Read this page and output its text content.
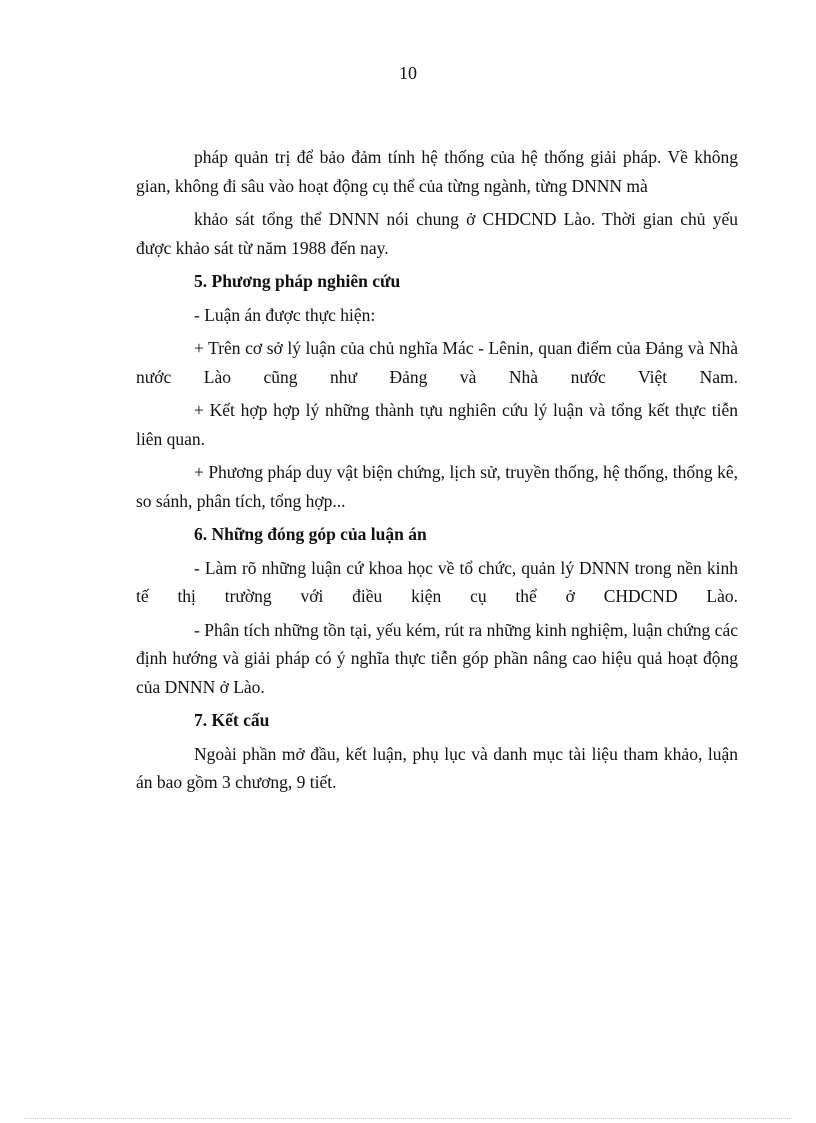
10

pháp quản trị để bảo đảm tính hệ thống của hệ thống giải pháp. Về không gian, không đi sâu vào hoạt động cụ thể của từng ngành, từng DNNN mà

khảo sát tổng thể DNNN nói chung ở CHDCND Lào. Thời gian chủ yếu được khảo sát từ năm 1988 đến nay.

5. Phương pháp nghiên cứu

- Luận án được thực hiện:

+ Trên cơ sở lý luận của chủ nghĩa Mác - Lênin, quan điểm của Đảng và Nhà nước Lào cũng như Đảng và Nhà nước Việt Nam.

+ Kết hợp hợp lý những thành tựu nghiên cứu lý luận và tổng kết thực tiễn liên quan.

+ Phương pháp duy vật biện chứng, lịch sử, truyền thống, hệ thống, thống kê, so sánh, phân tích, tổng hợp...

6. Những đóng góp của luận án

- Làm rõ những luận cứ khoa học về tổ chức, quản lý DNNN trong nền kinh tế thị trường với điều kiện cụ thể ở CHDCND Lào.

- Phân tích những tồn tại, yếu kém, rút ra những kinh nghiệm, luận chứng các định hướng và giải pháp có ý nghĩa thực tiễn góp phần nâng cao hiệu quả hoạt động của DNNN ở Lào.

7. Kết cấu

Ngoài phần mở đầu, kết luận, phụ lục và danh mục tài liệu tham khảo, luận án bao gồm 3 chương, 9 tiết.
